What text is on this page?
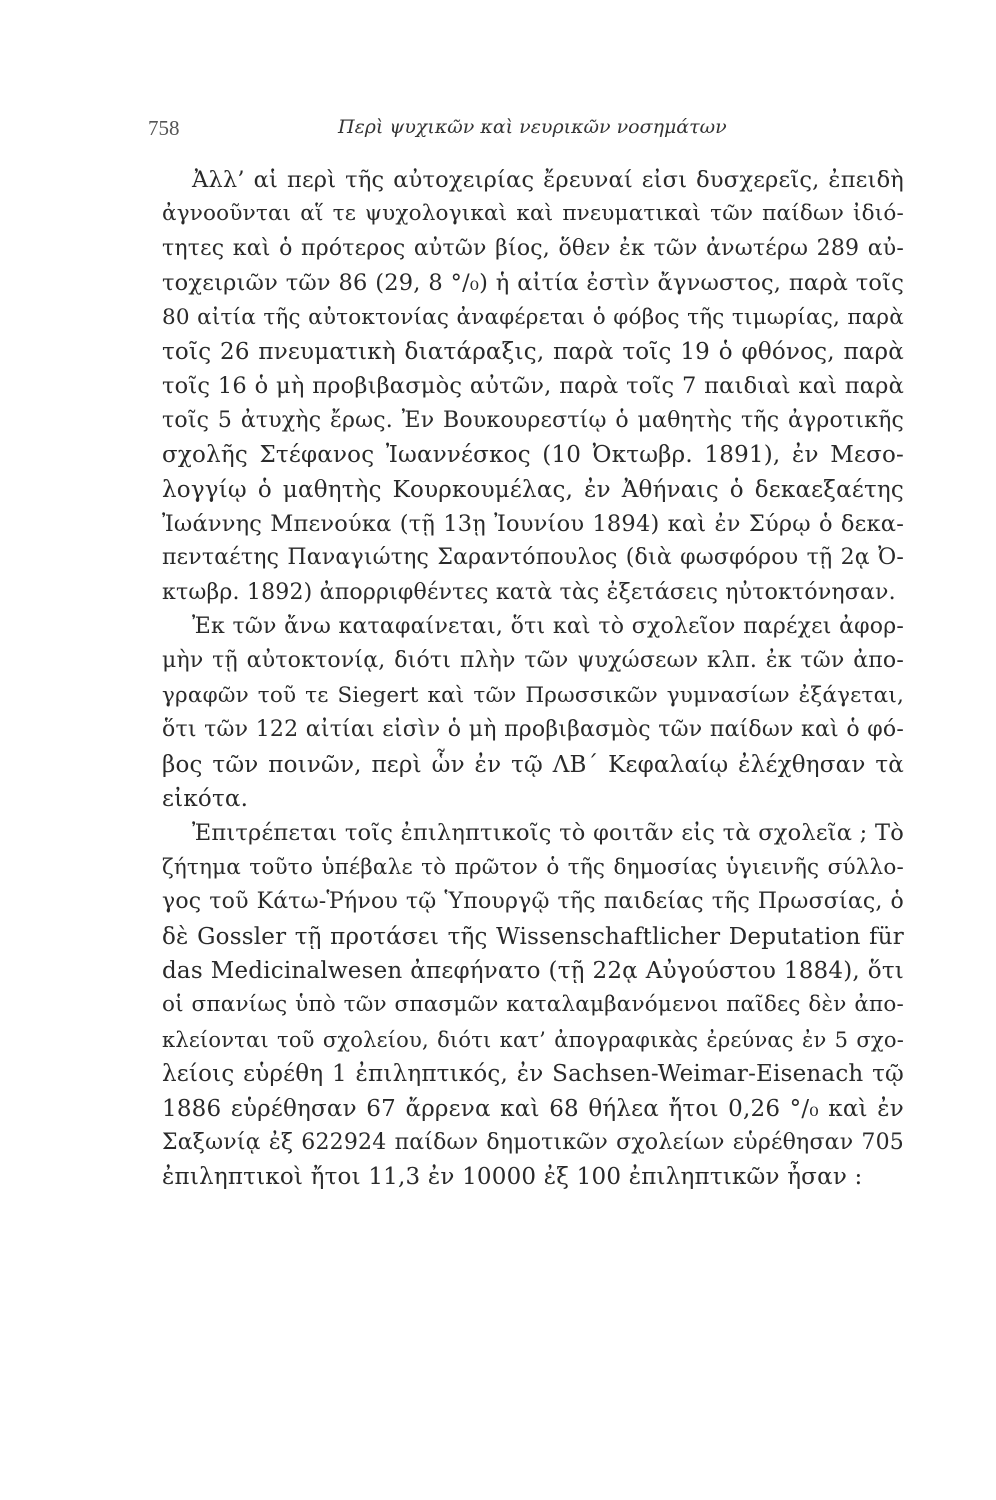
758	Περὶ ψυχικῶν καὶ νευρικῶν νοσημάτων
Ἀλλ’ αἱ περὶ τῆς αὐτοχειρίας ἔρευναί εἰσι δυσχερεῖς, ἐπειδὴ
ἀγνοοῦνται αἵ τε ψυχολογικαὶ καὶ πνευματικαὶ τῶν παίδων ἰδιό-
τητες καὶ ὁ πρότερος αὐτῶν βίος, ὅθεν ἐκ τῶν ἀνωτέρω 289 αὐ-
τοχειριῶν τῶν 86 (29, 8 °/₀) ἡ αἰτία ἐστὶν ἄγνωστος, παρὰ τοῖς
80 αἰτία τῆς αὐτοκτονίας ἀναφέρεται ὁ φόβος τῆς τιμωρίας, παρὰ
τοῖς 26 πνευματικὴ διατάραξις, παρὰ τοῖς 19 ὁ φθόνος, παρὰ
τοῖς 16 ὁ μὴ προβιβασμὸς αὐτῶν, παρὰ τοῖς 7 παιδιαὶ καὶ παρὰ
τοῖς 5 ἀτυχὴς ἔρως. Ἐν Βουκουρεστίῳ ὁ μαθητὴς τῆς ἀγροτικῆς
σχολῆς Στέφανος Ἰωαννέσκος (10 Ὀκτωβρ. 1891), ἐν Μεσο-
λογγίῳ ὁ μαθητὴς Κουρκουμέλας, ἐν Ἀθήναις ὁ δεκαεξαέτης
Ἰωάννης Μπενούκα (τῇ 13ῃ Ἰουνίου 1894) καὶ ἐν Σύρῳ ὁ δεκα-
πενταέτης Παναγιώτης Σαραντόπουλος (διὰ φωσφόρου τῇ 2ᾳ Ὀ-
κτωβρ. 1892) ἀπορριφθέντες κατὰ τὰς ἐξετάσεις ηὐτοκτόνησαν.
Ἐκ τῶν ἄνω καταφαίνεται, ὅτι καὶ τὸ σχολεῖον παρέχει ἀφορ-
μὴν τῇ αὐτοκτονίᾳ, διότι πλὴν τῶν ψυχώσεων κλπ. ἐκ τῶν ἀπο-
γραφῶν τοῦ τε Siegert καὶ τῶν Πρωσσικῶν γυμνασίων ἐξάγεται,
ὅτι τῶν 122 αἰτίαι εἰσὶν ὁ μὴ προβιβασμὸς τῶν παίδων καὶ ὁ φό-
βος τῶν ποινῶν, περὶ ὧν ἐν τῷ ΛΒ΄ Κεφαλαίῳ ἐλέχθησαν τὰ
εἰκότα.
Ἐπιτρέπεται τοῖς ἐπιληπτικοῖς τὸ φοιτᾶν εἰς τὰ σχολεῖα ; Τὸ
ζήτημα τοῦτο ὑπέβαλε τὸ πρῶτον ὁ τῆς δημοσίας ὑγιεινῆς σύλλο-
γος τοῦ Κάτω-Ῥήνου τῷ Ὑπουργῷ τῆς παιδείας τῆς Πρωσσίας, ὁ
δὲ Gossler τῇ προτάσει τῆς Wissenschaftlicher Deputation für
das Medicinalwesen ἀπεφήνατο (τῇ 22ᾳ Αὐγούστου 1884), ὅτι
οἱ σπανίως ὑπὸ τῶν σπασμῶν καταλαμβανόμενοι παῖδες δὲν ἀπο-
κλείονται τοῦ σχολείου, διότι κατ’ ἀπογραφικὰς ἐρεύνας ἐν 5 σχο-
λείοις εὑρέθη 1 ἐπιληπτικός, ἐν Sachsen-Weimar-Eisenach τῷ
1886 εὑρέθησαν 67 ἄρρενα καὶ 68 θήλεα ἤτοι 0,26 °/₀ καὶ ἐν
Σαξωνίᾳ ἐξ 622924 παίδων δημοτικῶν σχολείων εὑρέθησαν 705
ἐπιληπτικοὶ ἤτοι 11,3 ἐν 10000 ἐξ 100 ἐπιληπτικῶν ἦσαν :
